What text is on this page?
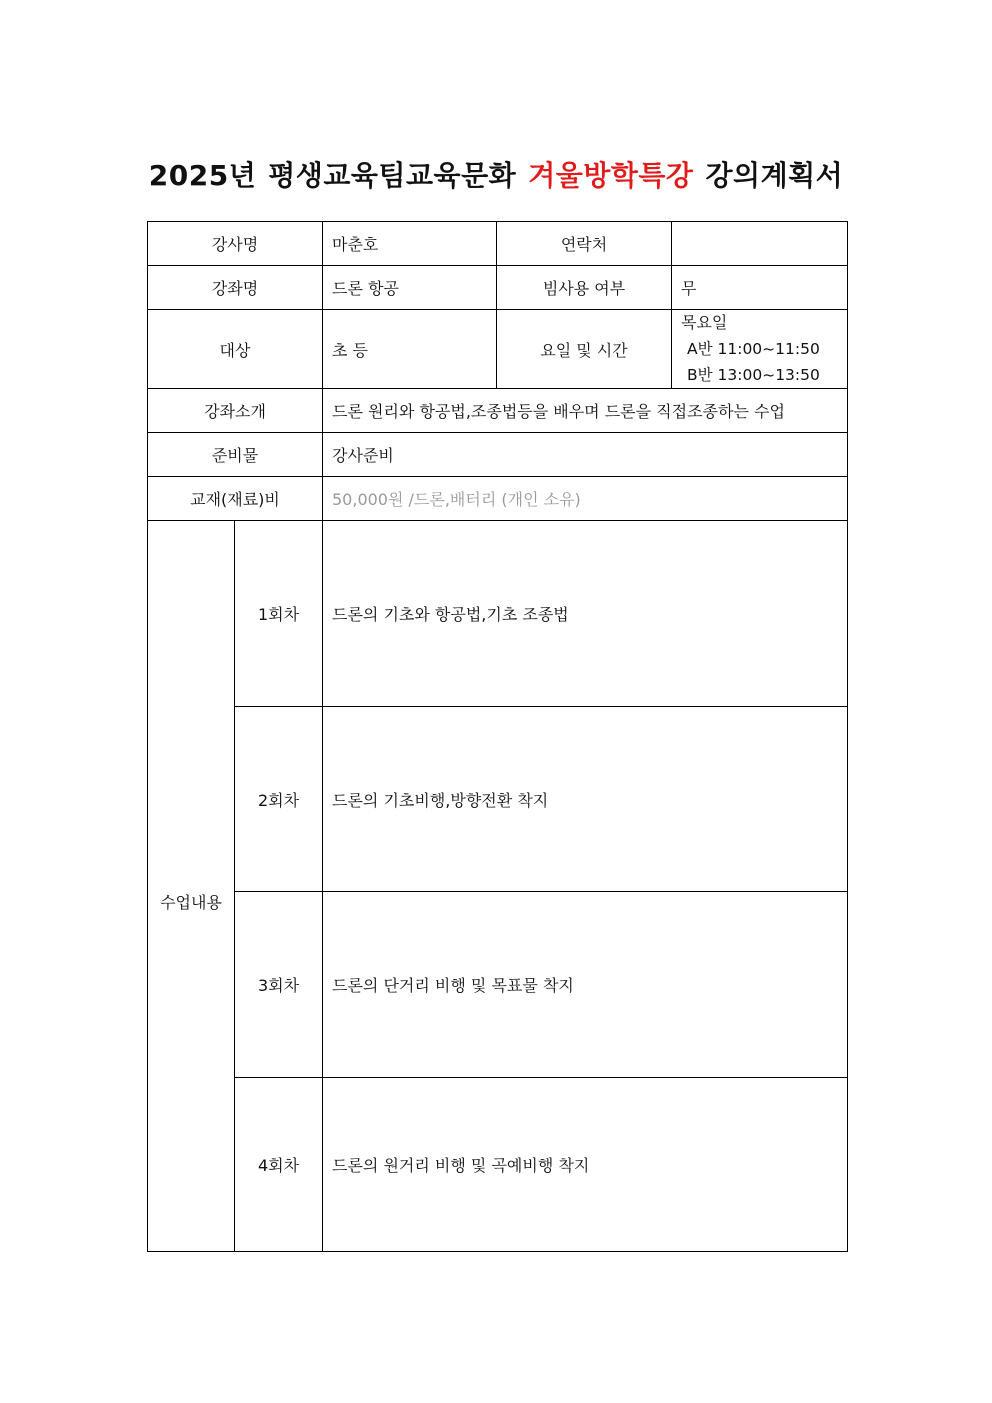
2025년 평생교육팀교육문화 겨울방학특강 강의계획서
강사명		마춘호	연락처	
강좌명		드론 항공	빔사용 여부	무
대상		초 등	요일 및 시간	목요일
A반 11:00~11:50
B반 13:00~13:50

강좌소개		드론 원리와 항공법,조종법등을 배우며 드론을 직접조종하는 수업		
준비물		강사준비		
교재(재료)비		50,000원 /드론,배터리 (개인 소유)		
수업내용	1회차	드론의 기초와 항공법,기초 조종법		
	2회차	드론의 기초비행,방향전환 착지		
	3회차	드론의 단거리 비행 및 목표물 착지		
	4회차	드론의 원거리 비행 및 곡예비행 착지		
